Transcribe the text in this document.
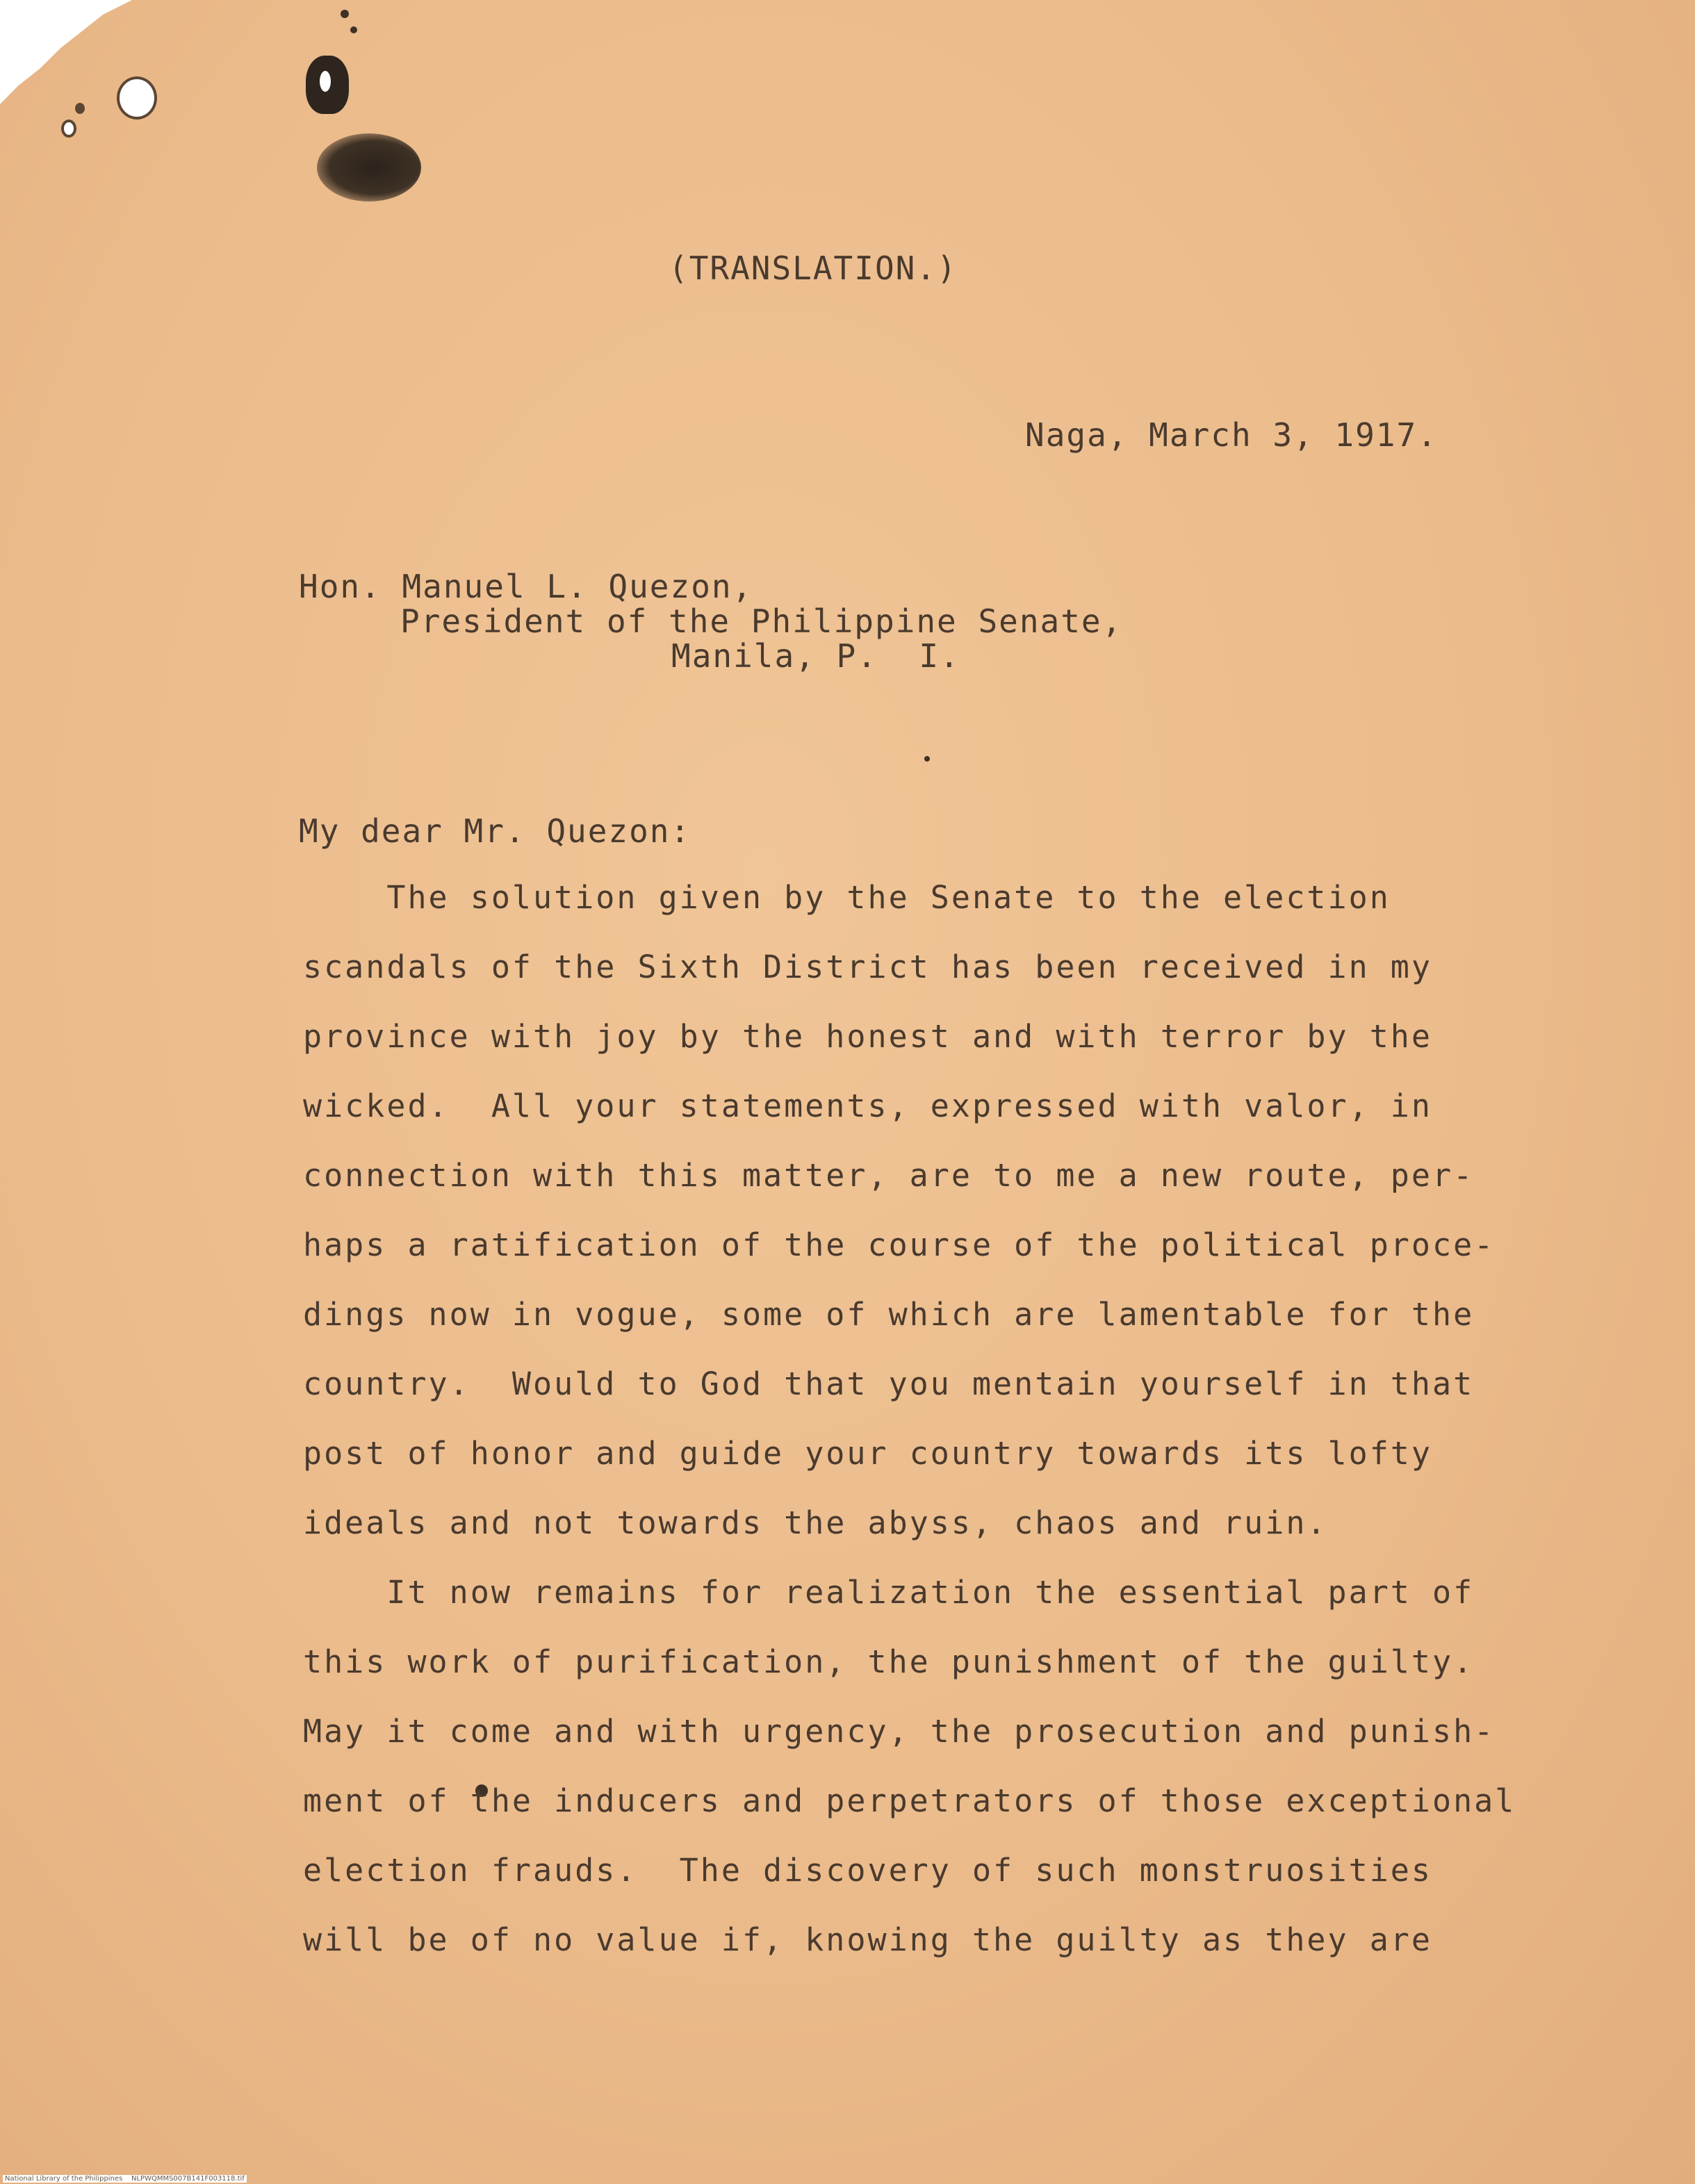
(TRANSLATION.)

Naga, March 3, 1917.

Hon. Manuel L. Quezon,

President of the Philippine Senate,

Manila, P.  I.

My dear Mr. Quezon:

The solution given by the Senate to the election

scandals of the Sixth District has been received in my

province with joy by the honest and with terror by the

wicked.  All your statements, expressed with valor, in

connection with this matter, are to me a new route, per-

haps a ratification of the course of the political proce-

dings now in vogue, some of which are lamentable for the

country.  Would to God that you mentain yourself in that

post of honor and guide your country towards its lofty

ideals and not towards the abyss, chaos and ruin.

It now remains for realization the essential part of

this work of purification, the punishment of the guilty.

May it come and with urgency, the prosecution and punish-

ment of the inducers and perpetrators of those exceptional

election frauds.  The discovery of such monstruosities

will be of no value if, knowing the guilty as they are

National Library of the Philippines    NLPWQMMS007B141F003118.tif
